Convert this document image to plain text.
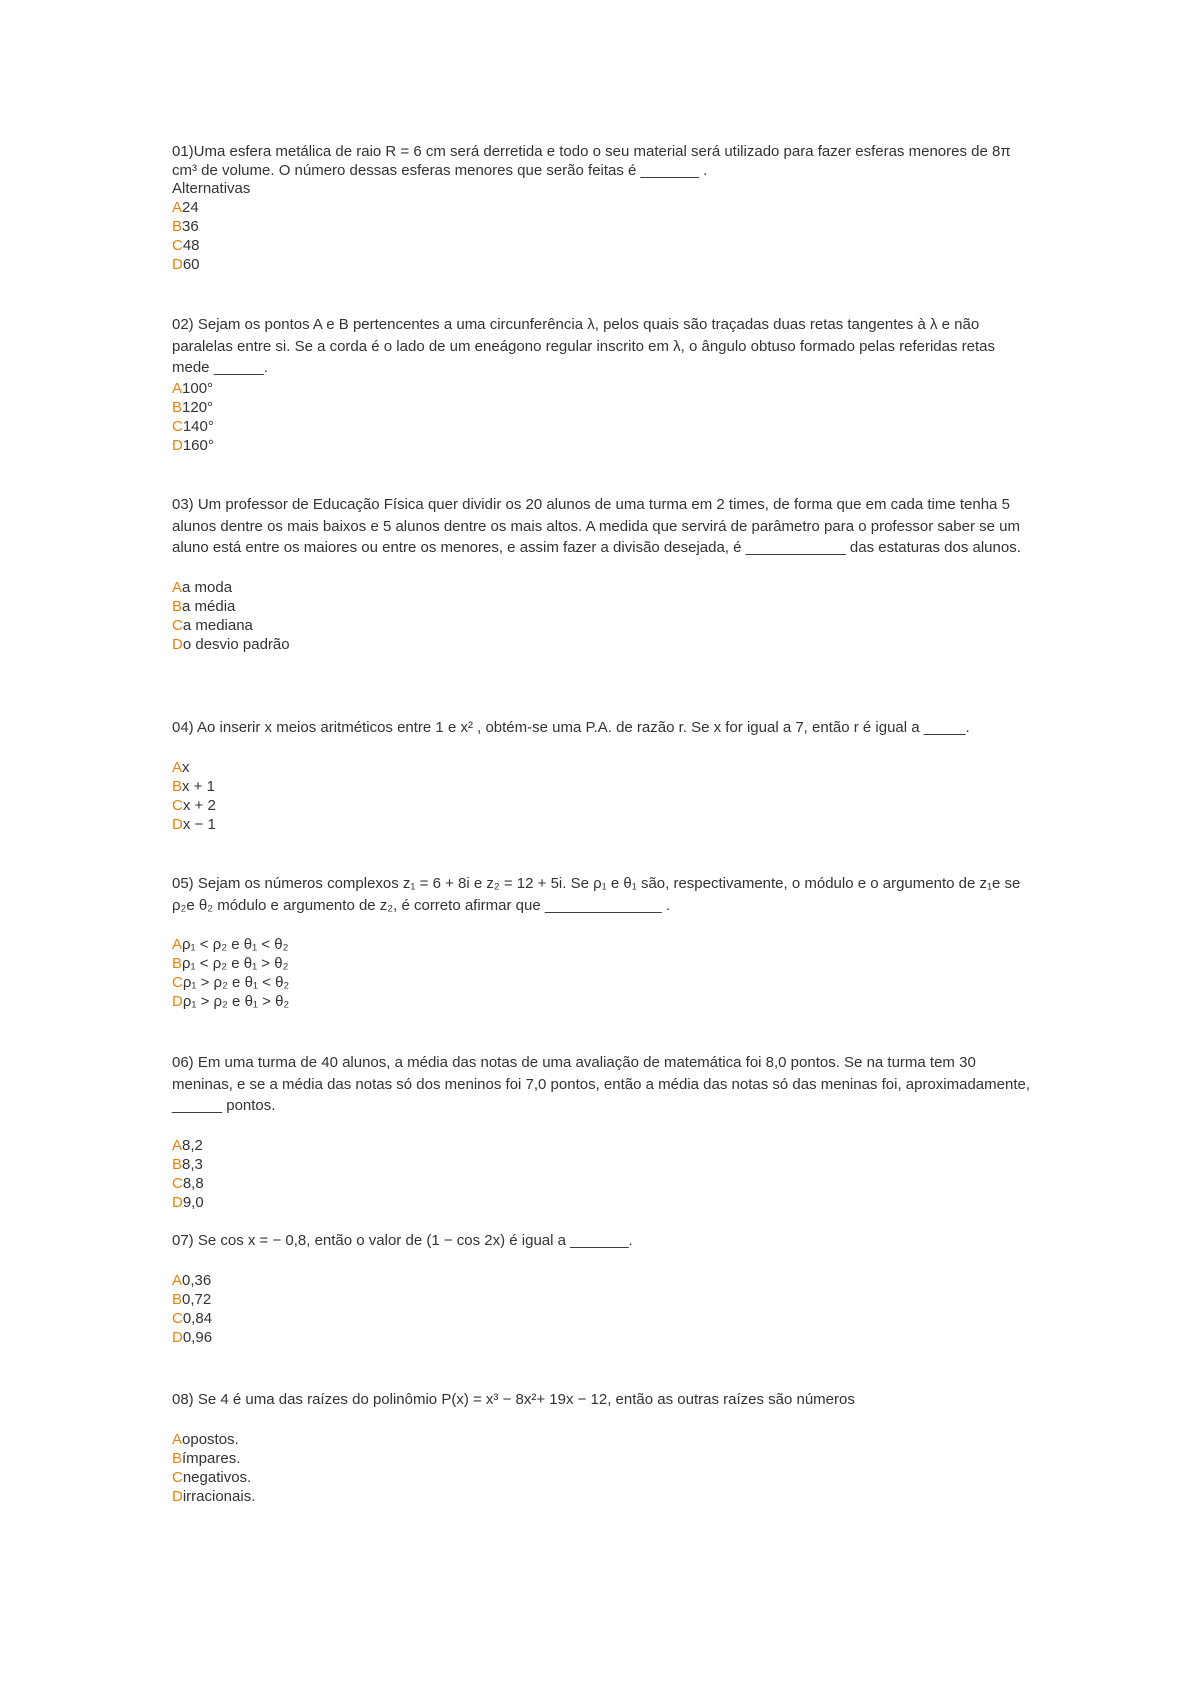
01)Uma esfera metálica de raio R = 6 cm será derretida e todo o seu material será utilizado para fazer esferas menores de 8π cm³ de volume. O número dessas esferas menores que serão feitas é _______ .

Alternativas

A24
B36
C48
D60

02) Sejam os pontos A e B pertencentes a uma circunferência λ, pelos quais são traçadas duas retas tangentes à λ e não paralelas entre si. Se a corda é o lado de um eneágono regular inscrito em λ, o ângulo obtuso formado pelas referidas retas mede ______.

A100°
B120°
C140°
D160°

03) Um professor de Educação Física quer dividir os 20 alunos de uma turma em 2 times, de forma que em cada time tenha 5 alunos dentre os mais baixos e 5 alunos dentre os mais altos. A medida que servirá de parâmetro para o professor saber se um aluno está entre os maiores ou entre os menores, e assim fazer a divisão desejada, é ____________ das estaturas dos alunos.

Aa moda
Ba média
Ca mediana
Do desvio padrão

04) Ao inserir x meios aritméticos entre 1 e x² , obtém-se uma P.A. de razão r. Se x for igual a 7, então r é igual a _____.

Ax
Bx + 1
Cx + 2
Dx − 1

05) Sejam os números complexos z₁ = 6 + 8i e z₂ = 12 + 5i. Se ρ₁ e θ₁ são, respectivamente, o módulo e o argumento de z₁e se ρ₂e θ₂ módulo e argumento de z₂, é correto afirmar que ______________ .

Aρ₁ < ρ₂ e θ₁ < θ₂
Bρ₁ < ρ₂ e θ₁ > θ₂
Cρ₁ > ρ₂ e θ₁ < θ₂
Dρ₁ > ρ₂ e θ₁ > θ₂

06) Em uma turma de 40 alunos, a média das notas de uma avaliação de matemática foi 8,0 pontos. Se na turma tem 30 meninas, e se a média das notas só dos meninos foi 7,0 pontos, então a média das notas só das meninas foi, aproximadamente, ______ pontos.

A8,2
B8,3
C8,8
D9,0

07) Se cos x = − 0,8, então o valor de (1 − cos 2x) é igual a _______.

A0,36
B0,72
C0,84
D0,96

08) Se 4 é uma das raízes do polinômio P(x) = x³ − 8x²+ 19x − 12, então as outras raízes são números

Aopostos.
Bímpares.
Cnegativos.
Dirracionais.
